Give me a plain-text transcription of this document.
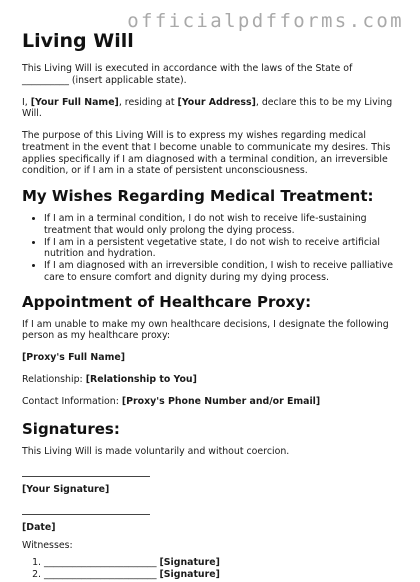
officialpdfforms.com
Living Will

This Living Will is executed in accordance with the laws of the State of __________ (insert applicable state).

I, [Your Full Name], residing at [Your Address], declare this to be my Living Will.

The purpose of this Living Will is to express my wishes regarding medical treatment in the event that I become unable to communicate my desires. This applies specifically if I am diagnosed with a terminal condition, an irreversible condition, or if I am in a state of persistent unconsciousness.

My Wishes Regarding Medical Treatment:
• If I am in a terminal condition, I do not wish to receive life-sustaining treatment that would only prolong the dying process.
• If I am in a persistent vegetative state, I do not wish to receive artificial nutrition and hydration.
• If I am diagnosed with an irreversible condition, I wish to receive palliative care to ensure comfort and dignity during my dying process.
Appointment of Healthcare Proxy:

If I am unable to make my own healthcare decisions, I designate the following person as my healthcare proxy:

[Proxy's Full Name]

Relationship: [Relationship to You]

Contact Information: [Proxy's Phone Number and/or Email]

Signatures:

This Living Will is made voluntarily and without coercion.

[Your Signature]

[Date]

Witnesses:

1. ________________________ [Signature]
2. ________________________ [Signature]
